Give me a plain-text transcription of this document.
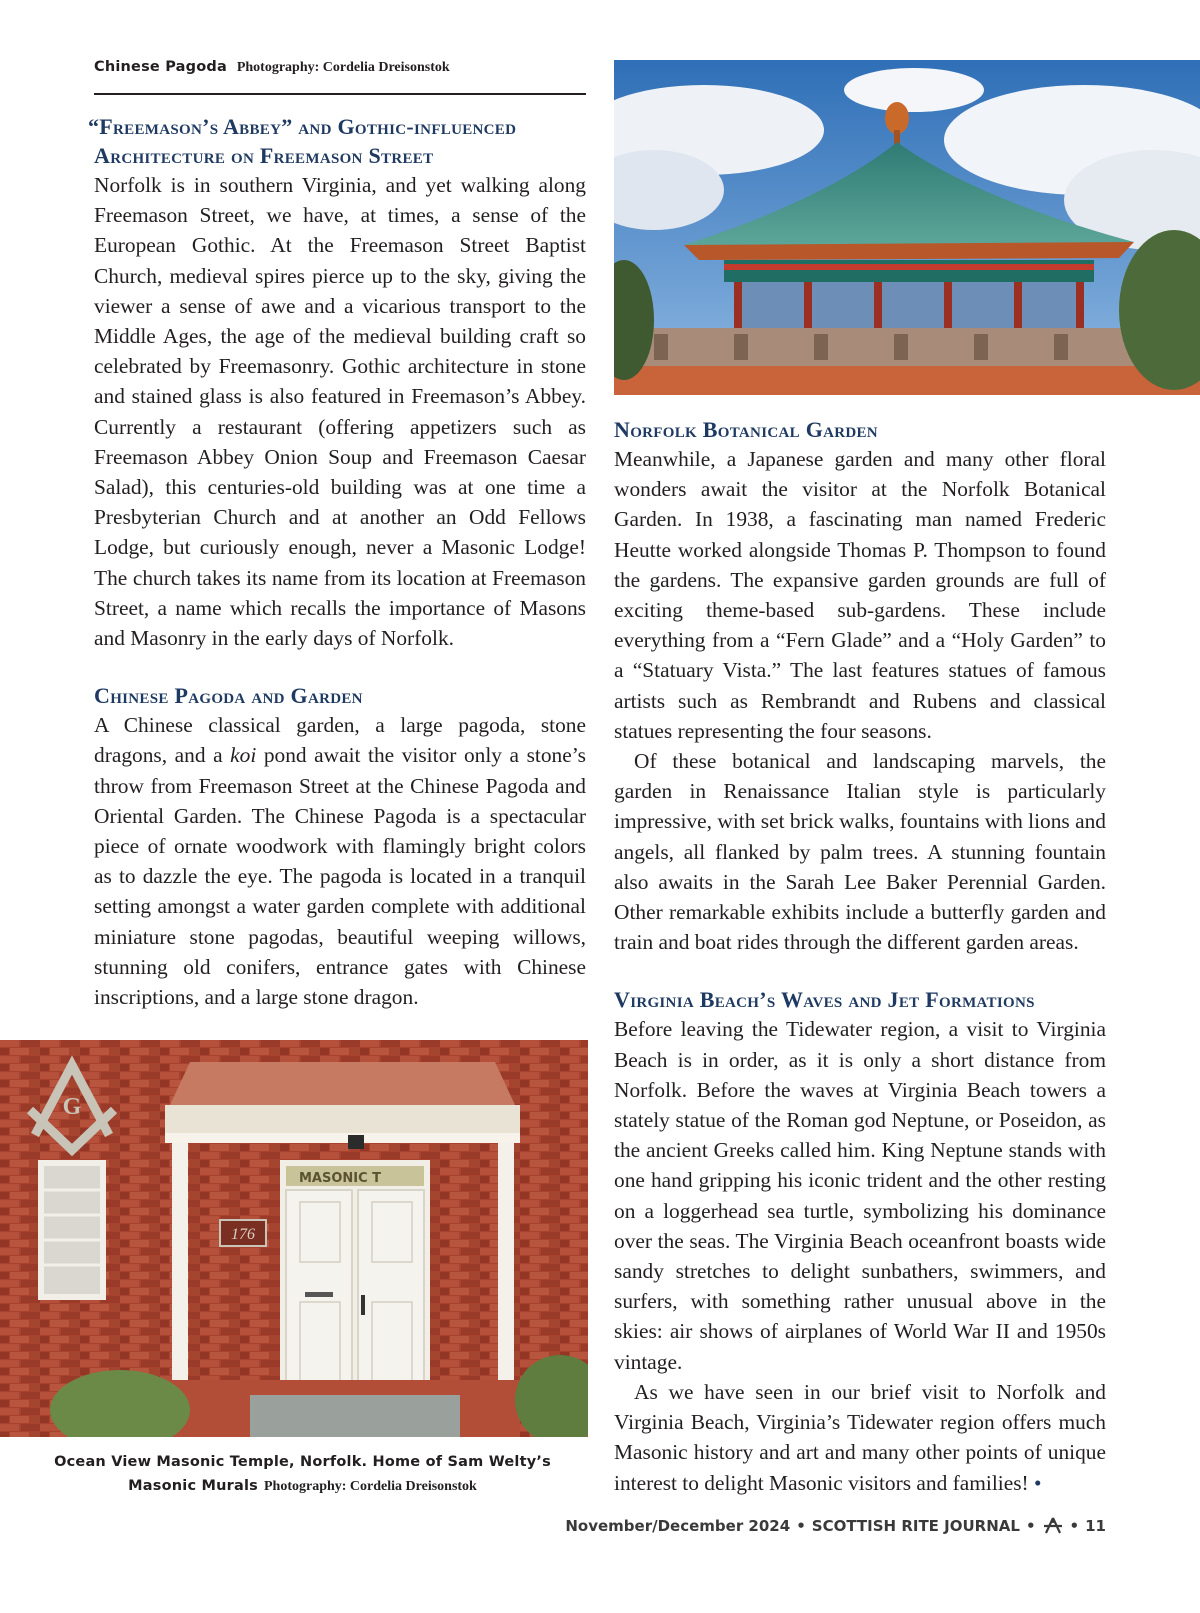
Chinese Pagoda Photography: Cordelia Dreisonstok
“Freemason’s Abbey” and Gothic-influenced
Architecture on Freemason Street

Norfolk is in southern Virginia, and yet walking along Freemason Street, we have, at times, a sense of the European Gothic. At the Freemason Street Baptist Church, medieval spires pierce up to the sky, giving the viewer a sense of awe and a vicarious transport to the Middle Ages, the age of the medieval building craft so celebrated by Freemasonry. Gothic architecture in stone and stained glass is also featured in Freemason’s Abbey. Currently a restaurant (offering appetizers such as Freemason Abbey Onion Soup and Freemason Caesar Salad), this centuries-old building was at one time a Presbyterian Church and at another an Odd Fellows Lodge, but curiously enough, never a Masonic Lodge! The church takes its name from its location at Freemason Street, a name which recalls the importance of Masons and Masonry in the early days of Norfolk.

Chinese Pagoda and Garden

A Chinese classical garden, a large pagoda, stone dragons, and a koi pond await the visitor only a stone’s throw from Freemason Street at the Chinese Pagoda and Oriental Garden. The Chinese Pagoda is a spectacular piece of ornate woodwork with flamingly bright colors as to dazzle the eye. The pagoda is located in a tranquil setting amongst a water garden complete with additional miniature stone pagodas, beautiful weeping willows, stunning old conifers, entrance gates with Chinese inscriptions, and a large stone dragon.

Norfolk Botanical Garden

Meanwhile, a Japanese garden and many other floral wonders await the visitor at the Norfolk Botanical Garden. In 1938, a fascinating man named Frederic Heutte worked alongside Thomas P. Thompson to found the gardens. The expansive garden grounds are full of exciting theme-based sub-gardens. These include everything from a “Fern Glade” and a “Holy Garden” to a “Statuary Vista.” The last features statues of famous artists such as Rembrandt and Rubens and classical statues representing the four seasons.

Of these botanical and landscaping marvels, the garden in Renaissance Italian style is particularly impressive, with set brick walks, fountains with lions and angels, all flanked by palm trees. A stunning fountain also awaits in the Sarah Lee Baker Perennial Garden. Other remarkable exhibits include a butterfly garden and train and boat rides through the different garden areas.

Virginia Beach’s Waves and Jet Formations

Before leaving the Tidewater region, a visit to Virginia Beach is in order, as it is only a short distance from Norfolk. Before the waves at Virginia Beach towers a stately statue of the Roman god Neptune, or Poseidon, as the ancient Greeks called him. King Neptune stands with one hand gripping his iconic trident and the other resting on a loggerhead sea turtle, symbolizing his dominance over the seas. The Virginia Beach oceanfront boasts wide sandy stretches to delight sunbathers, swimmers, and surfers, with something rather unusual above in the skies: air shows of airplanes of World War II and 1950s vintage.

As we have seen in our brief visit to Norfolk and Virginia Beach, Virginia’s Tidewater region offers much Masonic history and art and many other points of unique interest to delight Masonic visitors and families! •

G
MASONIC T
176
Ocean View Masonic Temple, Norfolk. Home of Sam Welty’s
Masonic Murals Photography: Cordelia Dreisonstok
November/December 2024 • SCOTTISH RITE JOURNAL • • 11
